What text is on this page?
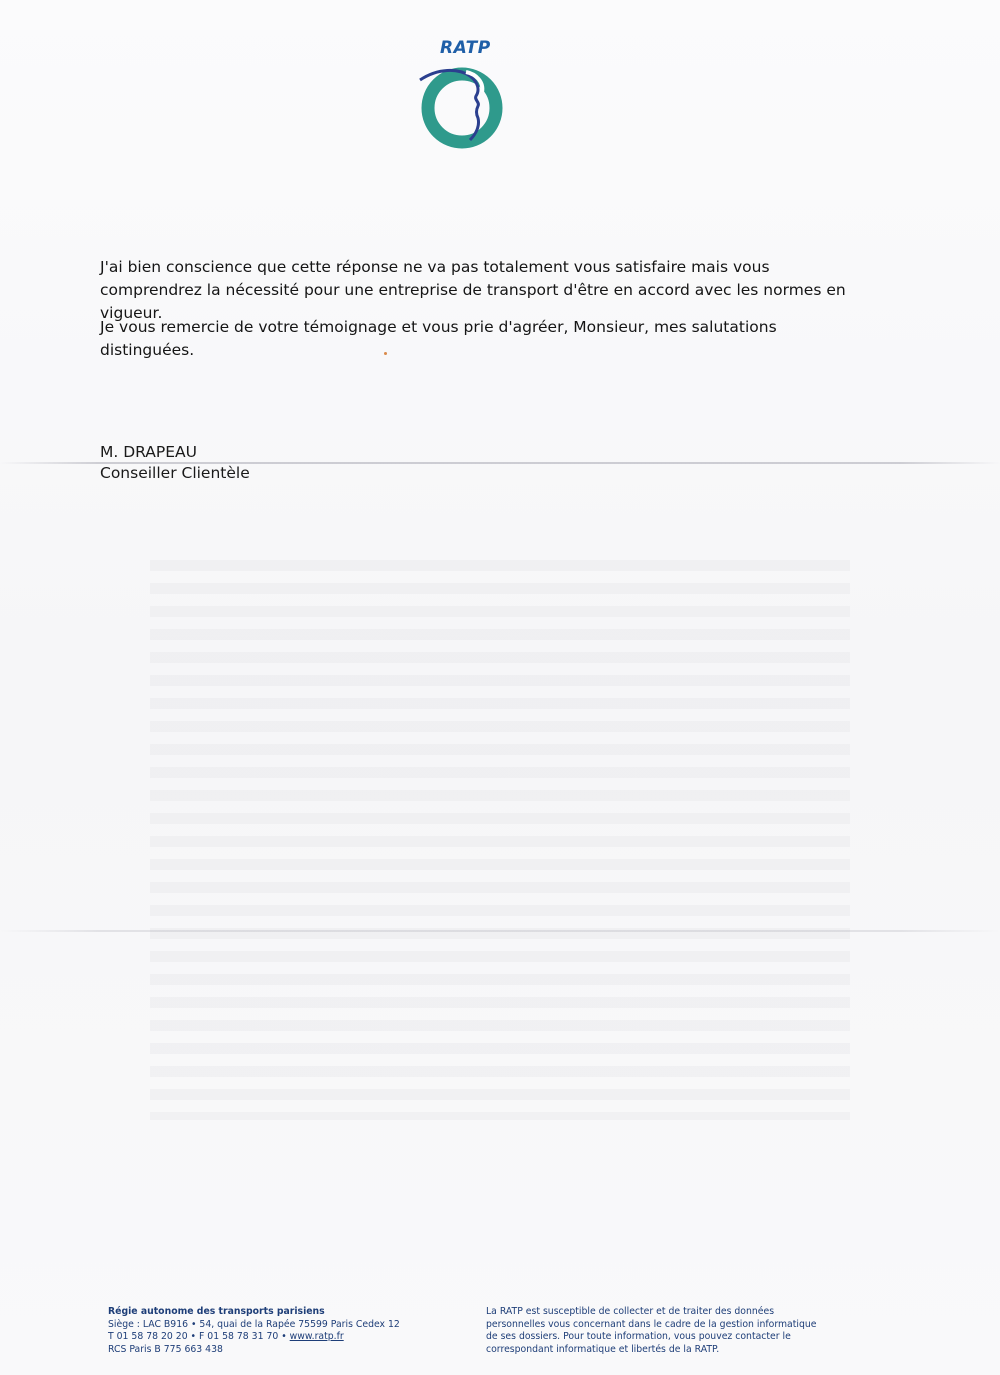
RATP
J'ai bien conscience que cette réponse ne va pas totalement vous satisfaire mais vous comprendrez la nécessité pour une entreprise de transport d'être en accord avec les normes en vigueur.
Je vous remercie de votre témoignage et vous prie d'agréer, Monsieur, mes salutations distinguées.
M. DRAPEAU
Conseiller Clientèle
Régie autonome des transports parisiens
Siège : LAC B916 • 54, quai de la Rapée 75599 Paris Cedex 12
T 01 58 78 20 20 • F 01 58 78 31 70 • www.ratp.fr
RCS Paris B 775 663 438
La RATP est susceptible de collecter et de traiter des données
personnelles vous concernant dans le cadre de la gestion informatique
de ses dossiers. Pour toute information, vous pouvez contacter le
correspondant informatique et libertés de la RATP.
